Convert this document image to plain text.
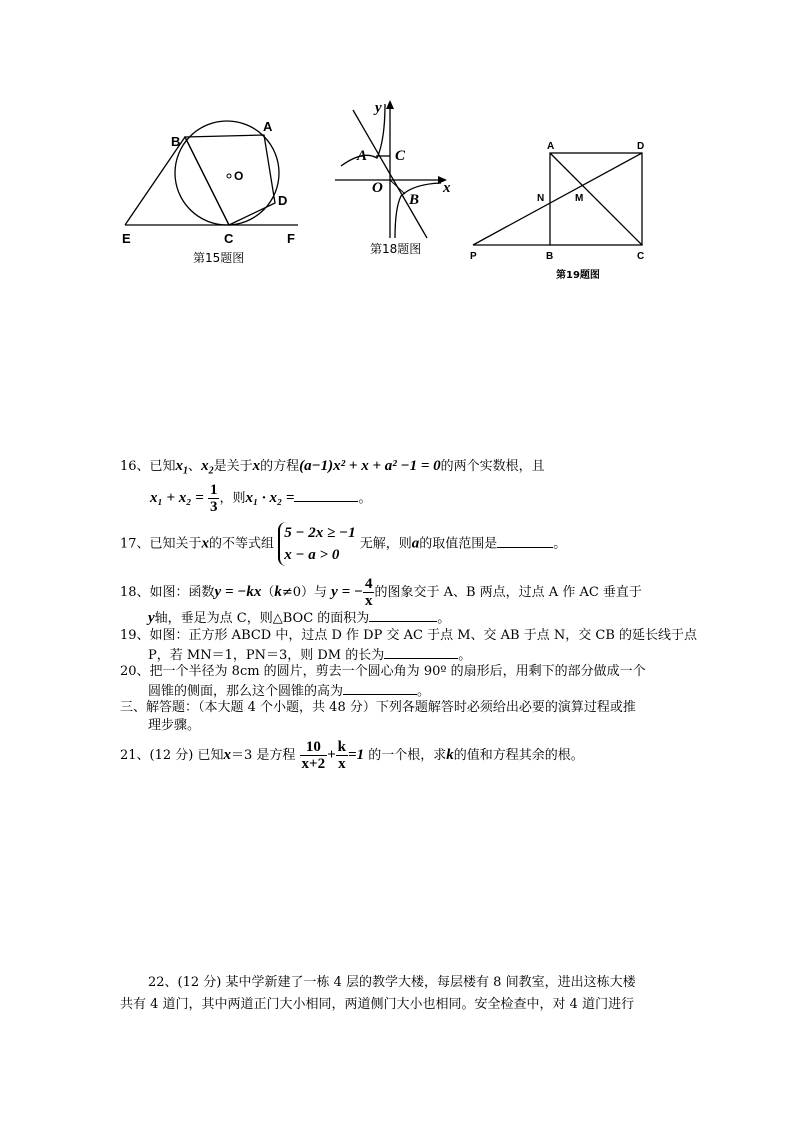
B
A
O
D
E	C	F
第15题图
y
x
A C
O
B
第18题图
A	D
N	M
P	B	C
第19题图
16、已知$x_1$、$x_2$是关于x的方程(a−1)x² + x + a² −1 = 0的两个实数根，且
$x_1 + x_2 = \frac{1}{3}$ ，则x₁ · x₂ =	。
17、已知关于x的不等式组
5 − 2x ≥ −1
x − a > 0
无解，则a的取值范围是	。
18、如图：函数y = −kx（k≠0）与 y = − $\frac{4}{x}$ 的图象交于 A、B 两点，过点 A 作 AC 垂直于
y轴，垂足为点 C，则△BOC 的面积为	。
19、如图：正方形 ABCD 中，过点 D 作 DP 交 AC 于点 M、交 AB 于点 N，交 CB 的延长线于点
P，若 MN＝1，PN＝3，则 DM 的长为	。
20、把一个半径为 8cm 的圆片，剪去一个圆心角为 90º 的扇形后，用剩下的部分做成一个
圆锥的侧面，那么这个圆锥的高为	。
三、解答题：（本大题 4 个小题，共 48 分）下列各题解答时必须给出必要的演算过程或推
理步骤。
21、(12 分) 已知x＝3 是方程 $\frac{10}{x+2} + \frac{k}{x} =1$ 的一个根，求k的值和方程其余的根。
22、(12 分) 某中学新建了一栋 4 层的教学大楼，每层楼有 8 间教室，进出这栋大楼
共有 4 道门，其中两道正门大小相同，两道侧门大小也相同。安全检查中，对 4 道门进行
